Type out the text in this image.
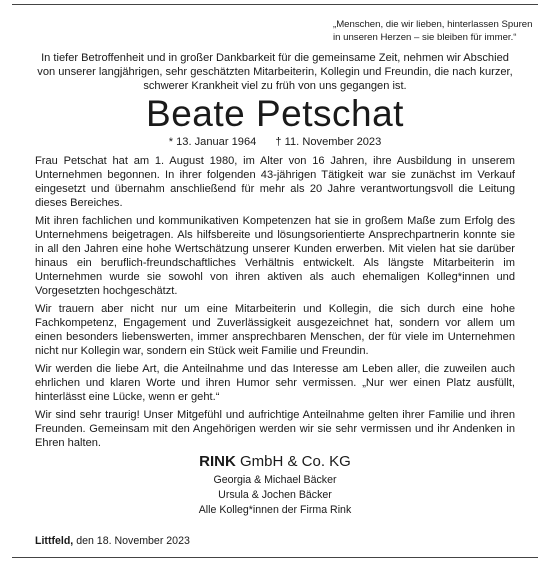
„Menschen, die wir lieben, hinterlassen Spuren
in unseren Herzen – sie bleiben für immer.“

In tiefer Betroffenheit und in großer Dankbarkeit für die gemeinsame Zeit, nehmen wir Abschied von unserer langjährigen, sehr geschätzten Mitarbeiterin, Kollegin und Freundin, die nach kurzer, schwerer Krankheit viel zu früh von uns gegangen ist.

Beate Petschat
* 13. Januar 1964 † 11. November 2023

Frau Petschat hat am 1. August 1980, im Alter von 16 Jahren, ihre Ausbildung in unserem Unternehmen begonnen. In ihrer folgenden 43-jährigen Tätigkeit war sie zunächst im Verkauf eingesetzt und übernahm anschließend für mehr als 20 Jahre verantwortungsvoll die Leitung dieses Bereiches.

Mit ihren fachlichen und kommunikativen Kompetenzen hat sie in großem Maße zum Erfolg des Unternehmens beigetragen. Als hilfsbereite und lösungsorientierte Ansprechpartnerin konnte sie in all den Jahren eine hohe Wertschätzung unserer Kunden erwerben. Mit vielen hat sie darüber hinaus ein beruflich-freundschaftliches Verhältnis entwickelt. Als längste Mitarbeiterin im Unternehmen wurde sie sowohl von ihren aktiven als auch ehemaligen Kolleg*innen und Vorgesetzten hochgeschätzt.

Wir trauern aber nicht nur um eine Mitarbeiterin und Kollegin, die sich durch eine hohe Fachkompetenz, Engagement und Zuverlässigkeit ausgezeichnet hat, sondern vor allem um einen besonders liebenswerten, immer ansprechbaren Menschen, der für viele im Unternehmen nicht nur Kollegin war, sondern ein Stück weit Familie und Freundin.

Wir werden die liebe Art, die Anteilnahme und das Interesse am Leben aller, die zuweilen auch ehrlichen und klaren Worte und ihren Humor sehr vermissen. „Nur wer einen Platz ausfüllt, hinterlässt eine Lücke, wenn er geht.“

Wir sind sehr traurig! Unser Mitgefühl und aufrichtige Anteilnahme gelten ihrer Familie und ihren Freunden. Gemeinsam mit den Angehörigen werden wir sie sehr vermissen und ihr Andenken in Ehren halten.

RINK GmbH & Co. KG
Georgia & Michael Bäcker
Ursula & Jochen Bäcker
Alle Kolleg*innen der Firma Rink
Littfeld, den 18. November 2023
